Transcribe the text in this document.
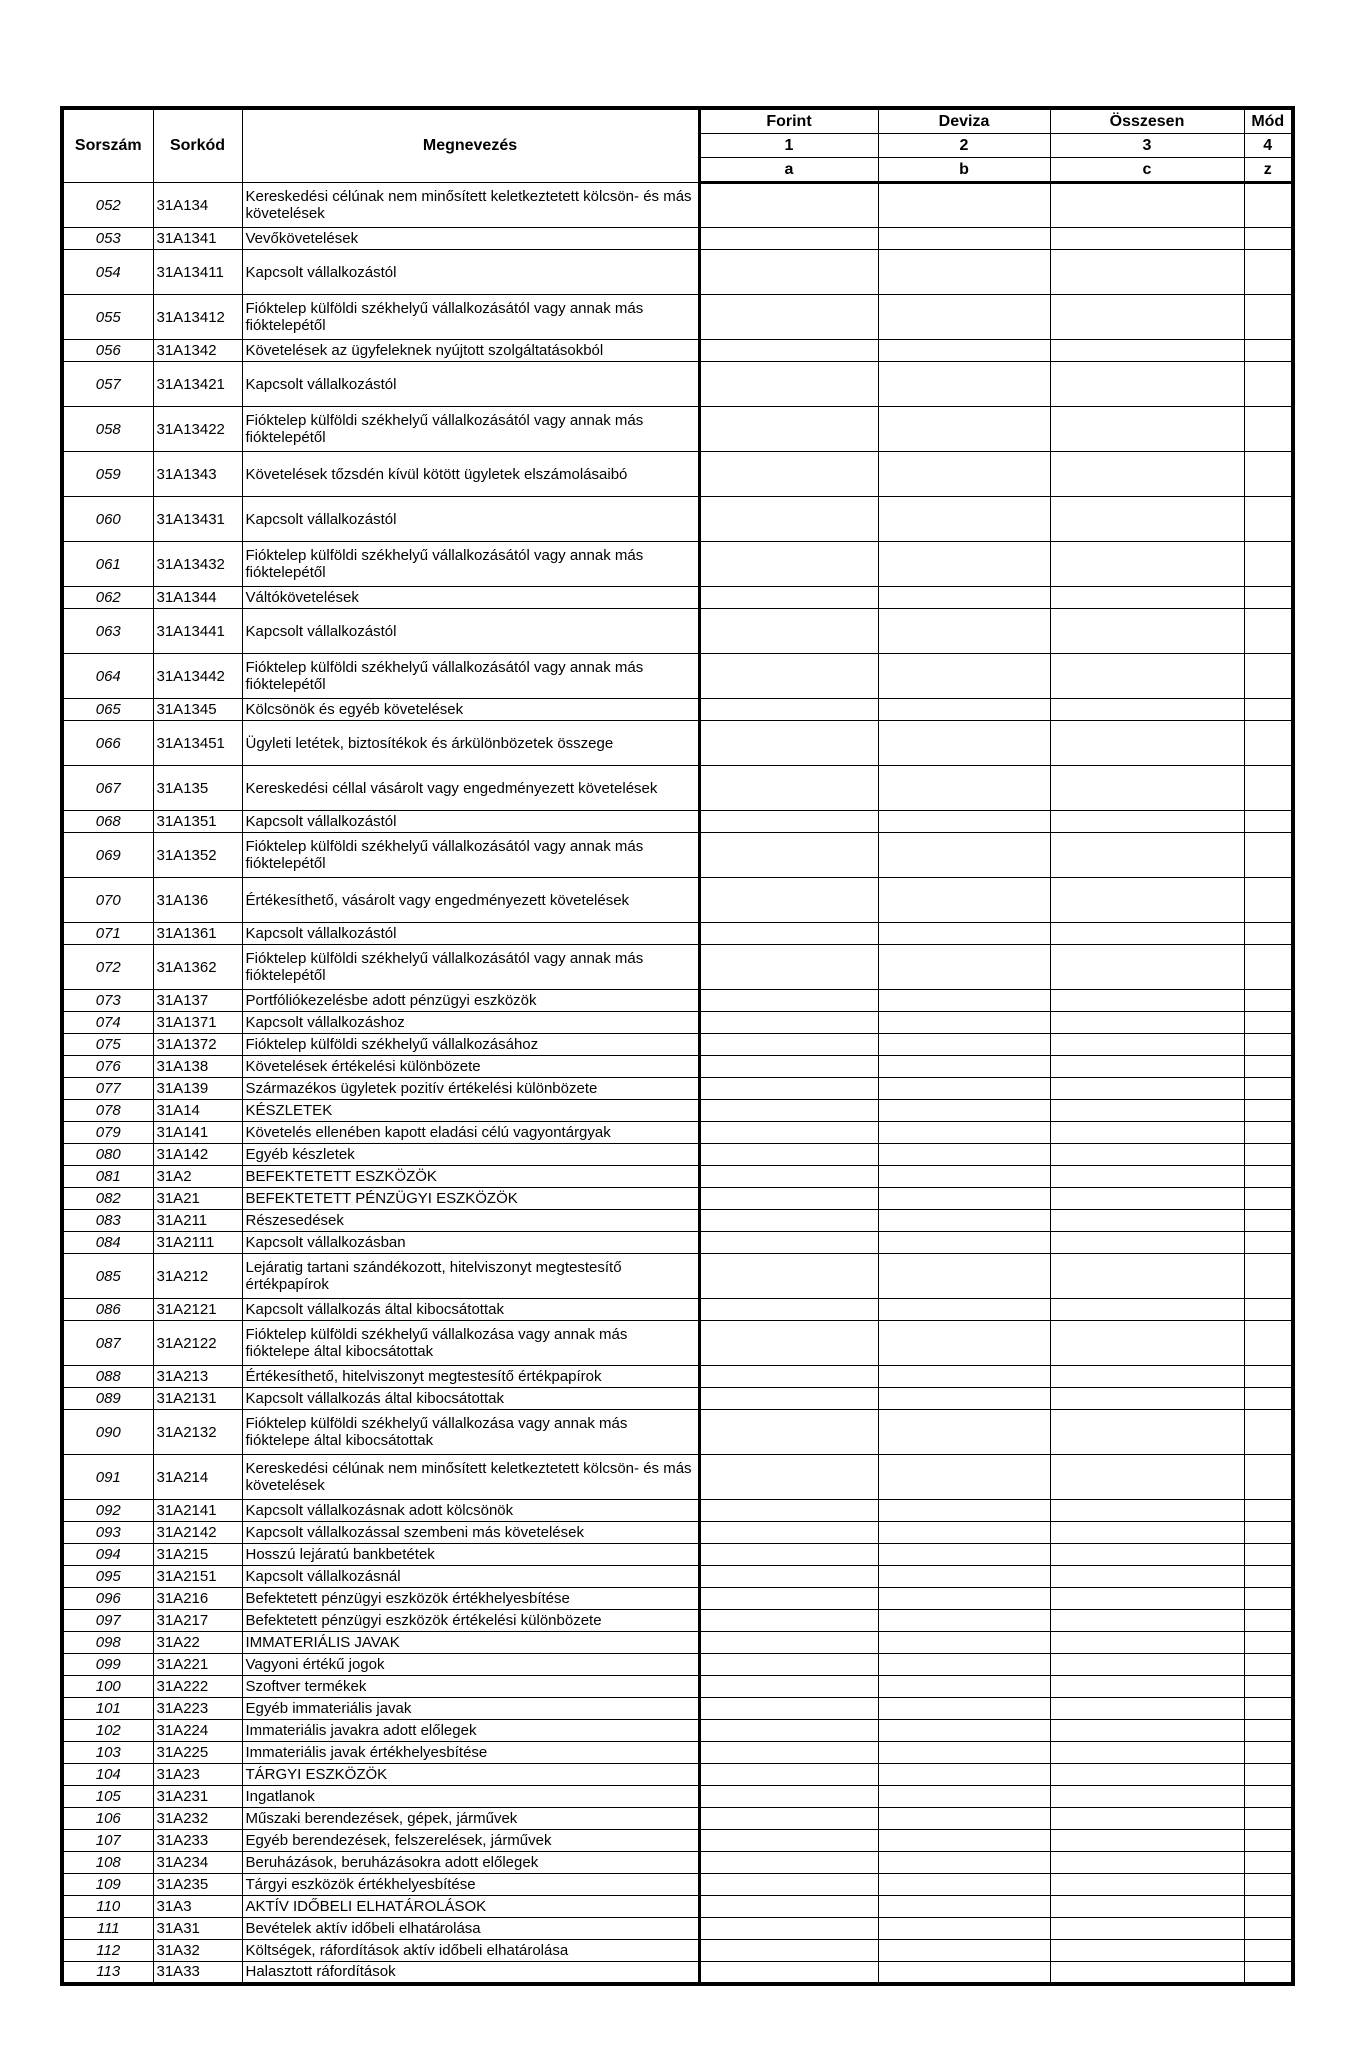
Sorszám	Sorkód	Megnevezés	Forint	Deviza	Összesen	Mód
			1	2	3	4
			a	b	c	z
052	31A134	Kereskedési célúnak nem minősített keletkeztetett kölcsön- és más követelések				
053	31A1341	Vevőkövetelések				
054	31A13411	Kapcsolt vállalkozástól				
055	31A13412	Fióktelep külföldi székhelyű vállalkozásától vagy annak más fióktelepétől				
056	31A1342	Követelések az ügyfeleknek nyújtott szolgáltatásokból				
057	31A13421	Kapcsolt vállalkozástól				
058	31A13422	Fióktelep külföldi székhelyű vállalkozásától vagy annak más fióktelepétől				
059	31A1343	Követelések tőzsdén kívül kötött ügyletek elszámolásaibó				
060	31A13431	Kapcsolt vállalkozástól				
061	31A13432	Fióktelep külföldi székhelyű vállalkozásától vagy annak más fióktelepétől				
062	31A1344	Váltókövetelések				
063	31A13441	Kapcsolt vállalkozástól				
064	31A13442	Fióktelep külföldi székhelyű vállalkozásától vagy annak más fióktelepétől				
065	31A1345	Kölcsönök és egyéb követelések				
066	31A13451	Ügyleti letétek, biztosítékok és árkülönbözetek összege				
067	31A135	Kereskedési céllal vásárolt vagy engedményezett követelések				
068	31A1351	Kapcsolt vállalkozástól				
069	31A1352	Fióktelep külföldi székhelyű vállalkozásától vagy annak más fióktelepétől				
070	31A136	Értékesíthető, vásárolt vagy engedményezett követelések				
071	31A1361	Kapcsolt vállalkozástól				
072	31A1362	Fióktelep külföldi székhelyű vállalkozásától vagy annak más fióktelepétől				
073	31A137	Portfóliókezelésbe adott pénzügyi eszközök				
074	31A1371	Kapcsolt vállalkozáshoz				
075	31A1372	Fióktelep külföldi székhelyű vállalkozásához				
076	31A138	Követelések értékelési különbözete				
077	31A139	Származékos ügyletek pozitív értékelési különbözete				
078	31A14	KÉSZLETEK				
079	31A141	Követelés ellenében kapott eladási célú vagyontárgyak				
080	31A142	Egyéb készletek				
081	31A2	BEFEKTETETT ESZKÖZÖK				
082	31A21	BEFEKTETETT PÉNZÜGYI ESZKÖZÖK				
083	31A211	Részesedések				
084	31A2111	Kapcsolt vállalkozásban				
085	31A212	Lejáratig tartani szándékozott, hitelviszonyt megtestesítő értékpapírok				
086	31A2121	Kapcsolt vállalkozás által kibocsátottak				
087	31A2122	Fióktelep külföldi székhelyű vállalkozása vagy annak más fióktelepe által kibocsátottak				
088	31A213	Értékesíthető, hitelviszonyt megtestesítő értékpapírok				
089	31A2131	Kapcsolt vállalkozás által kibocsátottak				
090	31A2132	Fióktelep külföldi székhelyű vállalkozása vagy annak más fióktelepe által kibocsátottak				
091	31A214	Kereskedési célúnak nem minősített keletkeztetett kölcsön- és más követelések				
092	31A2141	Kapcsolt vállalkozásnak adott kölcsönök				
093	31A2142	Kapcsolt vállalkozással szembeni más követelések				
094	31A215	Hosszú lejáratú bankbetétek				
095	31A2151	Kapcsolt vállalkozásnál				
096	31A216	Befektetett pénzügyi eszközök értékhelyesbítése				
097	31A217	Befektetett pénzügyi eszközök értékelési különbözete				
098	31A22	IMMATERIÁLIS JAVAK				
099	31A221	Vagyoni értékű jogok				
100	31A222	Szoftver termékek				
101	31A223	Egyéb immateriális javak				
102	31A224	Immateriális javakra adott előlegek				
103	31A225	Immateriális javak értékhelyesbítése				
104	31A23	TÁRGYI ESZKÖZÖK				
105	31A231	Ingatlanok				
106	31A232	Műszaki berendezések, gépek, járművek				
107	31A233	Egyéb berendezések, felszerelések, járművek				
108	31A234	Beruházások, beruházásokra adott előlegek				
109	31A235	Tárgyi eszközök értékhelyesbítése				
110	31A3	AKTÍV IDŐBELI ELHATÁROLÁSOK				
111	31A31	Bevételek aktív időbeli elhatárolása				
112	31A32	Költségek, ráfordítások aktív időbeli elhatárolása				
113	31A33	Halasztott ráfordítások				
